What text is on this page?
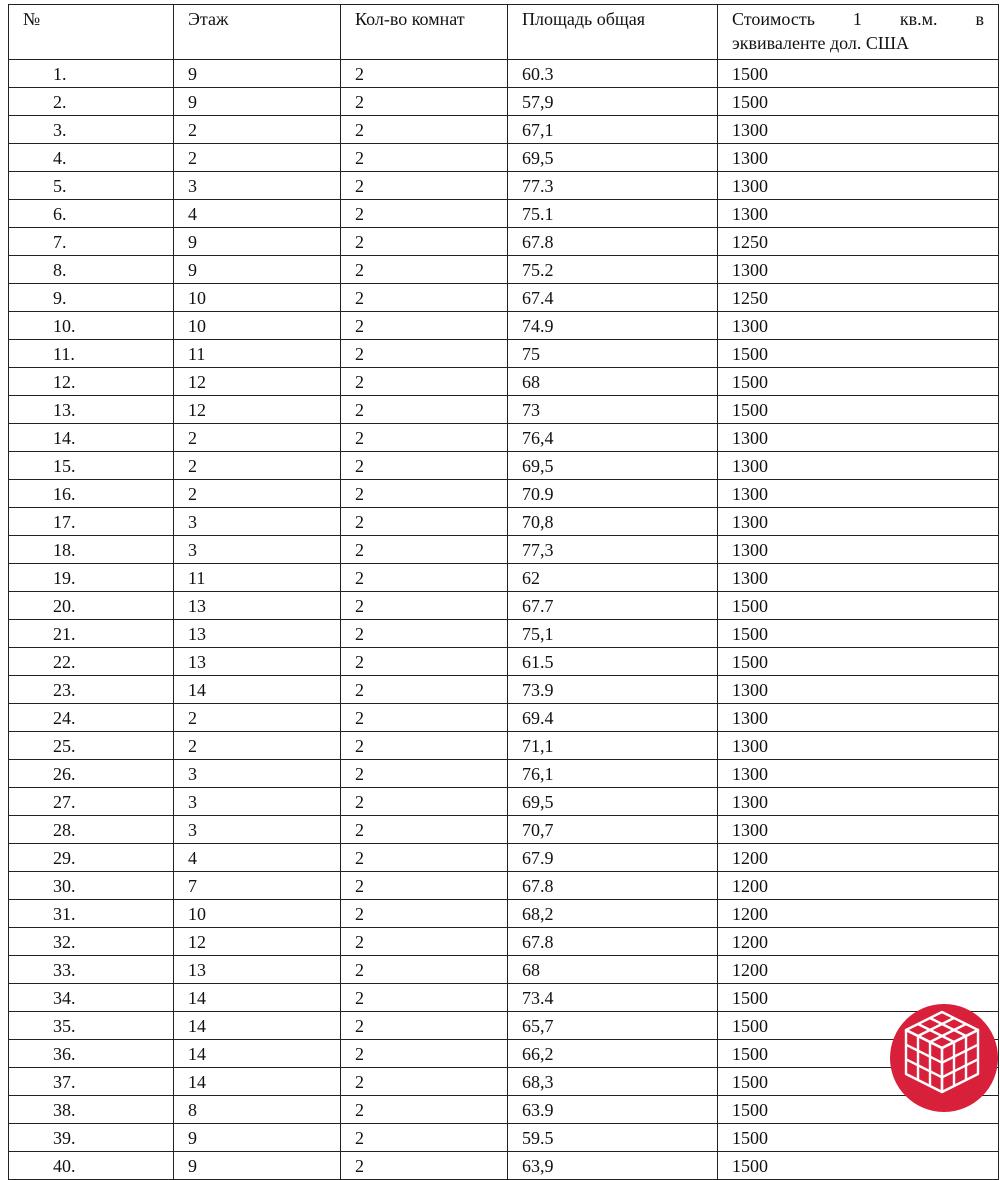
№	Этаж	Кол-во комнат	Площадь общая	Стоимость 1 кв.м. в
эквиваленте дол. США

1.	9	2	60.3	1500
2.	9	2	57,9	1500
3.	2	2	67,1	1300
4.	2	2	69,5	1300
5.	3	2	77.3	1300
6.	4	2	75.1	1300
7.	9	2	67.8	1250
8.	9	2	75.2	1300
9.	10	2	67.4	1250
10.	10	2	74.9	1300
11.	11	2	75	1500
12.	12	2	68	1500
13.	12	2	73	1500
14.	2	2	76,4	1300
15.	2	2	69,5	1300
16.	2	2	70.9	1300
17.	3	2	70,8	1300
18.	3	2	77,3	1300
19.	11	2	62	1300
20.	13	2	67.7	1500
21.	13	2	75,1	1500
22.	13	2	61.5	1500
23.	14	2	73.9	1300
24.	2	2	69.4	1300
25.	2	2	71,1	1300
26.	3	2	76,1	1300
27.	3	2	69,5	1300
28.	3	2	70,7	1300
29.	4	2	67.9	1200
30.	7	2	67.8	1200
31.	10	2	68,2	1200
32.	12	2	67.8	1200
33.	13	2	68	1200
34.	14	2	73.4	1500
35.	14	2	65,7	1500
36.	14	2	66,2	1500
37.	14	2	68,3	1500
38.	8	2	63.9	1500
39.	9	2	59.5	1500
40.	9	2	63,9	1500
